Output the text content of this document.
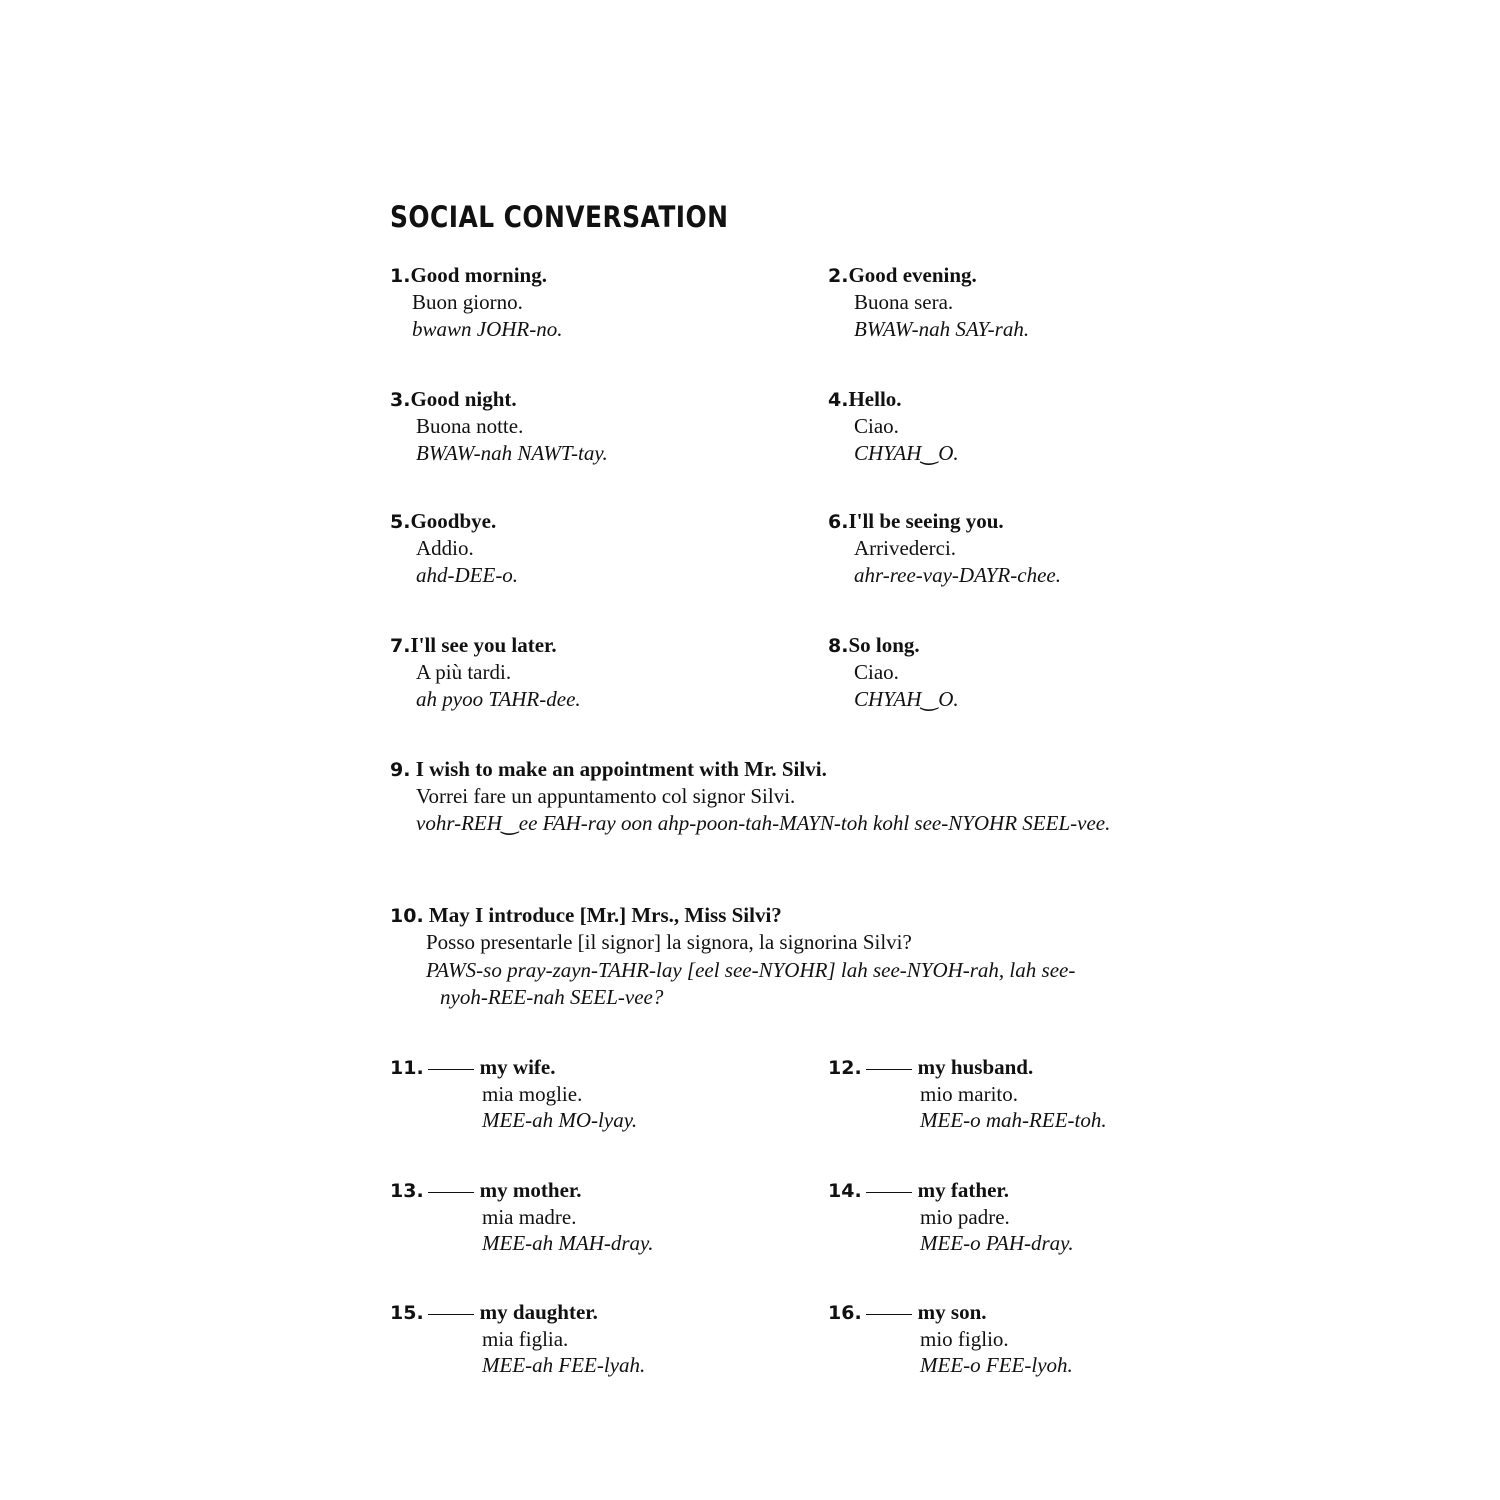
SOCIAL CONVERSATION
1.Good morning.
Buon giorno.
bwawn JOHR-no.
2.Good evening.
Buona sera.
BWAW-nah SAY-rah.
3.Good night.
Buona notte.
BWAW-nah NAWT-tay.
4.Hello.
Ciao.
CHYAH‿O.
5.Goodbye.
Addio.
ahd-DEE-o.
6.I'll be seeing you.
Arrivederci.
ahr-ree-vay-DAYR-chee.
7.I'll see you later.
A più tardi.
ah pyoo TAHR-dee.
8.So long.
Ciao.
CHYAH‿O.
9. I wish to make an appointment with Mr. Silvi.
Vorrei fare un appuntamento col signor Silvi.
vohr-REH‿ee FAH-ray oon ahp-poon-tah-MAYN-toh kohl see-NYOHR SEEL-vee.
10. May I introduce [Mr.] Mrs., Miss Silvi?
Posso presentarle [il signor] la signora, la signorina Silvi?
PAWS-so pray-zayn-TAHR-lay [eel see-NYOHR] lah see-NYOH-rah, lah see-
nyoh-REE-nah SEEL-vee?
11.	my wife.
mia moglie.
MEE-ah MO-lyay.
12.	my husband.
mio marito.
MEE-o mah-REE-toh.
13.	my mother.
mia madre.
MEE-ah MAH-dray.
14.	my father.
mio padre.
MEE-o PAH-dray.
15.	my daughter.
mia figlia.
MEE-ah FEE-lyah.
16.	my son.
mio figlio.
MEE-o FEE-lyoh.
